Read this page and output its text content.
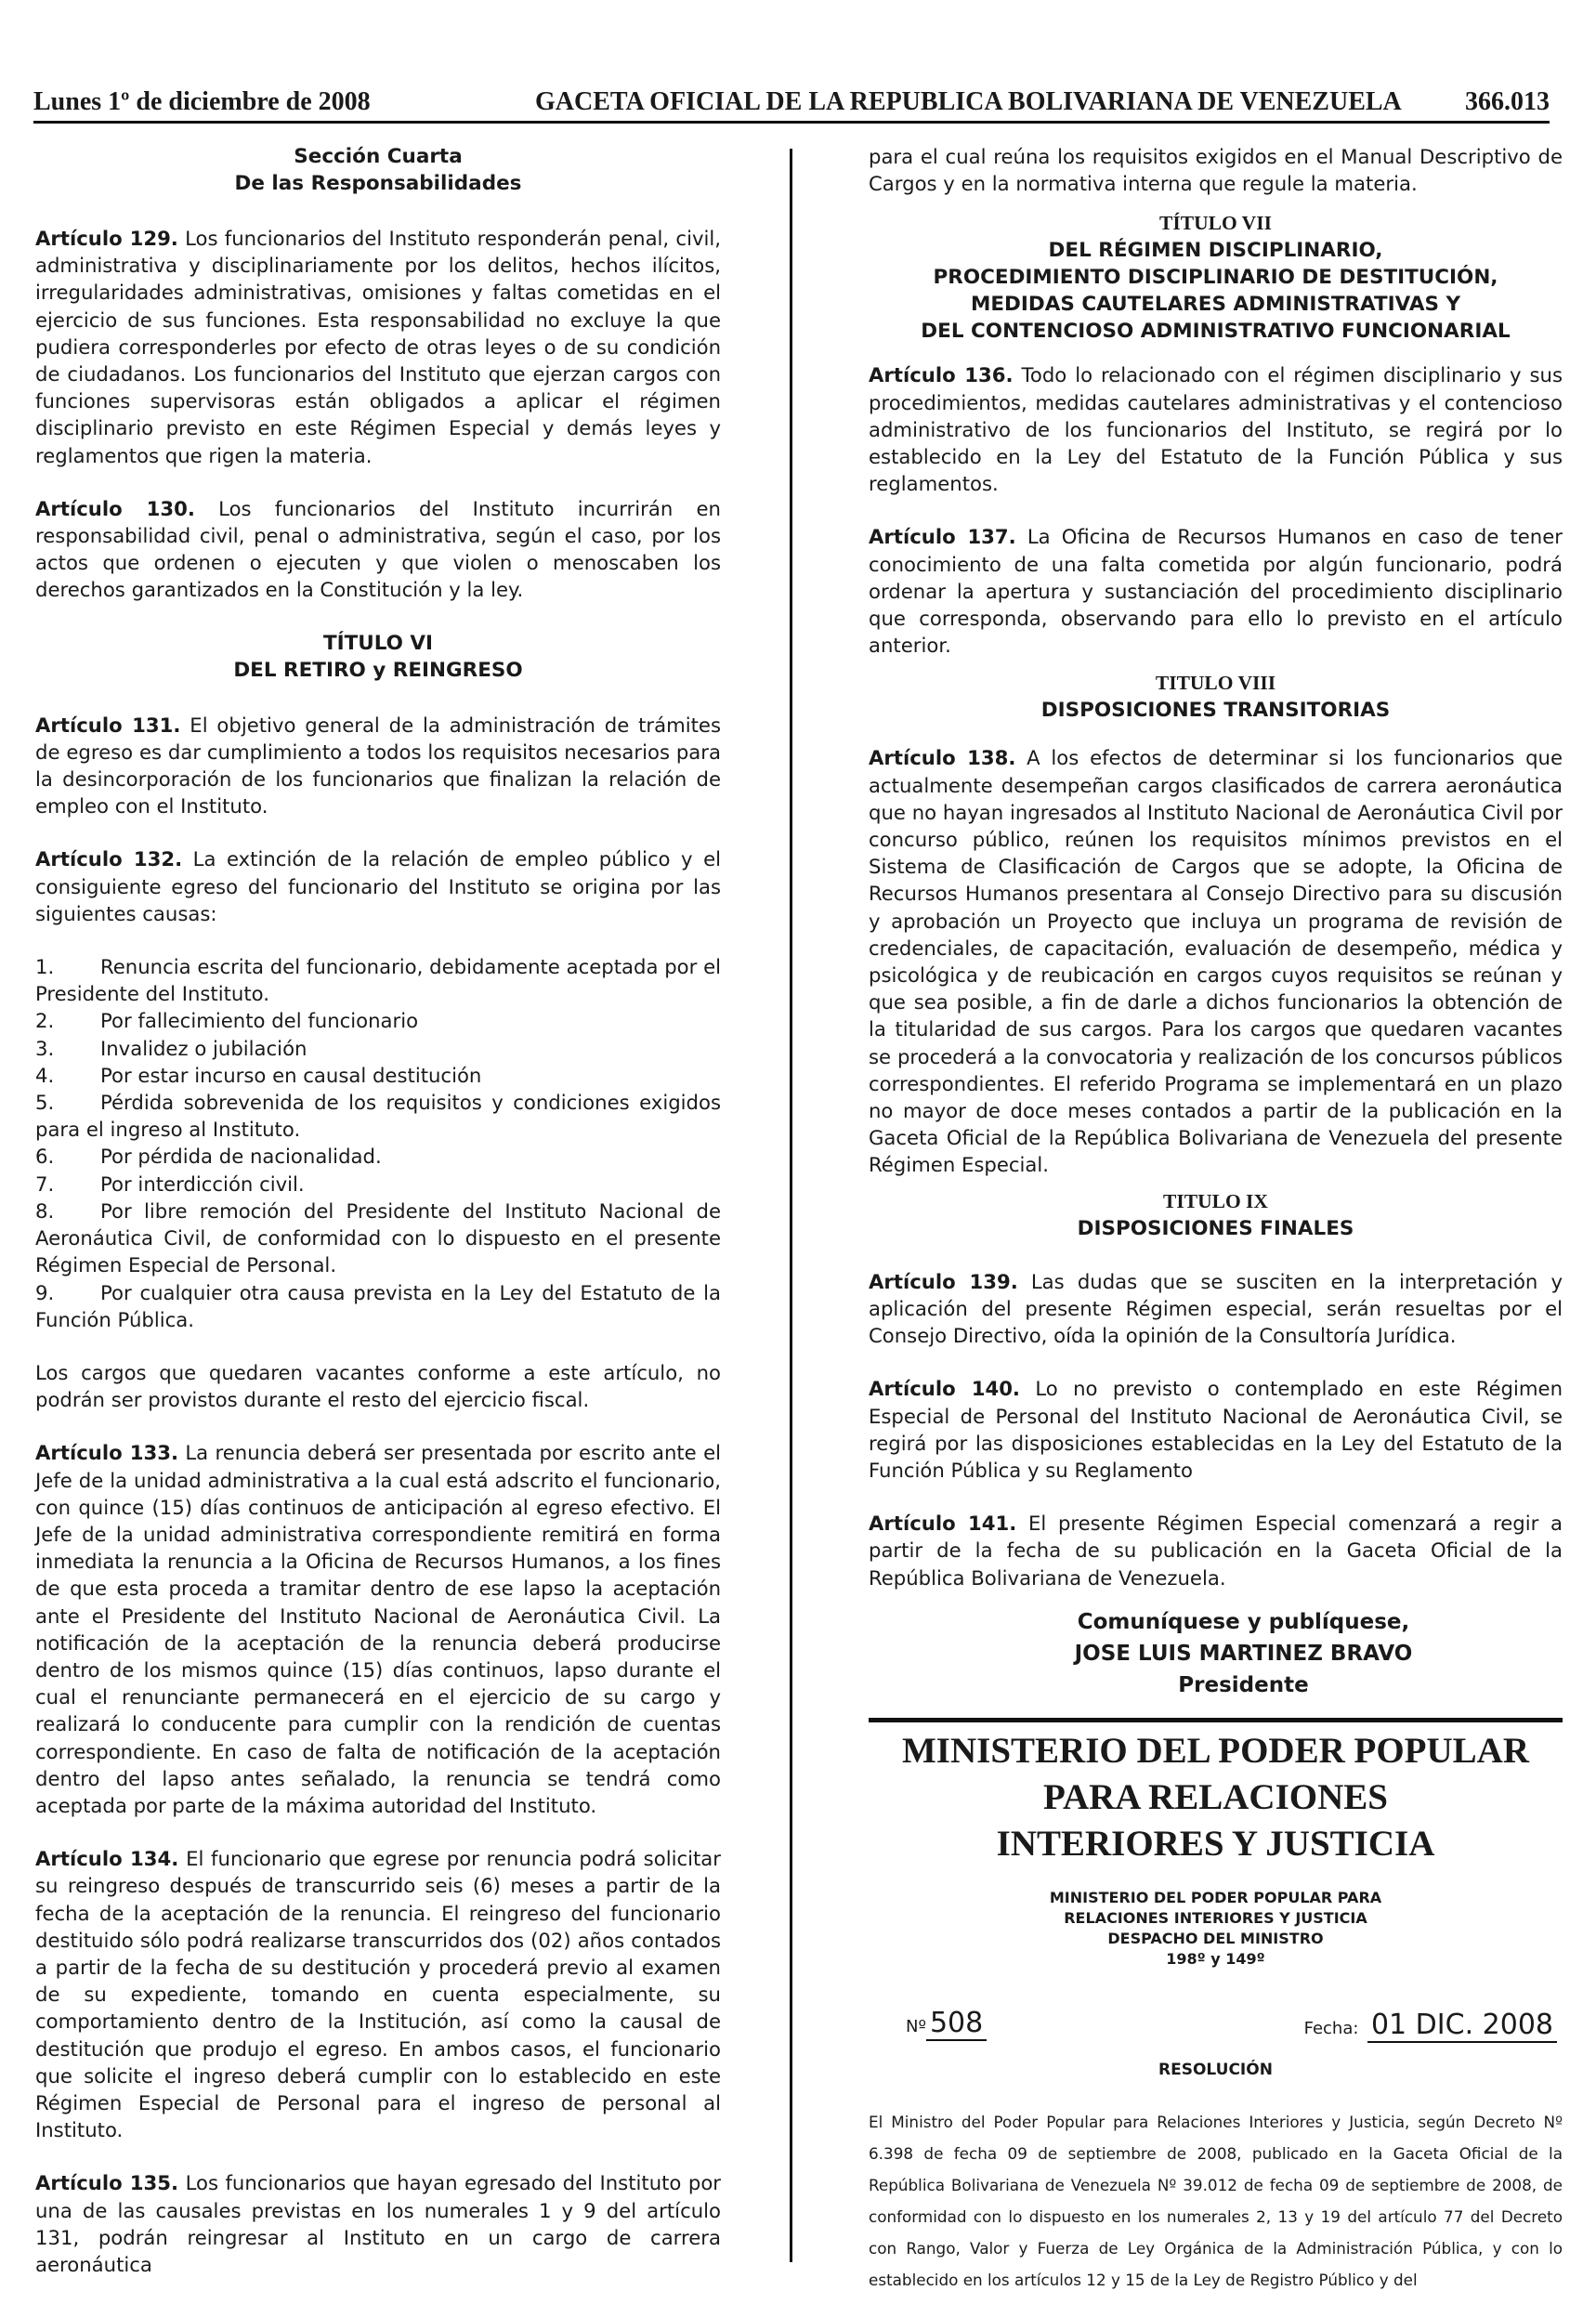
Lunes 1º de diciembre de 2008	GACETA OFICIAL DE LA REPUBLICA BOLIVARIANA DE VENEZUELA 366.013
Sección Cuarta
De las Responsabilidades

Artículo 129. Los funcionarios del Instituto responderán penal, civil, administrativa y disciplinariamente por los delitos, hechos ilícitos, irregularidades administrativas, omisiones y faltas cometidas en el ejercicio de sus funciones. Esta responsabilidad no excluye la que pudiera corresponderles por efecto de otras leyes o de su condición de ciudadanos. Los funcionarios del Instituto que ejerzan cargos con funciones supervisoras están obligados a aplicar el régimen disciplinario previsto en este Régimen Especial y demás leyes y reglamentos que rigen la materia.

Artículo 130. Los funcionarios del Instituto incurrirán en responsabilidad civil, penal o administrativa, según el caso, por los actos que ordenen o ejecuten y que violen o menoscaben los derechos garantizados en la Constitución y la ley.

TÍTULO VI
DEL RETIRO y REINGRESO

Artículo 131. El objetivo general de la administración de trámites de egreso es dar cumplimiento a todos los requisitos necesarios para la desincorporación de los funcionarios que finalizan la relación de empleo con el Instituto.

Artículo 132. La extinción de la relación de empleo público y el consiguiente egreso del funcionario del Instituto se origina por las siguientes causas:

1. Renuncia escrita del funcionario, debidamente aceptada por el Presidente del Instituto.
2. Por fallecimiento del funcionario
3. Invalidez o jubilación
4. Por estar incurso en causal destitución
5. Pérdida sobrevenida de los requisitos y condiciones exigidos para el ingreso al Instituto.
6. Por pérdida de nacionalidad.
7. Por interdicción civil.
8. Por libre remoción del Presidente del Instituto Nacional de Aeronáutica Civil, de conformidad con lo dispuesto en el presente Régimen Especial de Personal.
9. Por cualquier otra causa prevista en la Ley del Estatuto de la Función Pública.

Los cargos que quedaren vacantes conforme a este artículo, no podrán ser provistos durante el resto del ejercicio fiscal.

Artículo 133. La renuncia deberá ser presentada por escrito ante el Jefe de la unidad administrativa a la cual está adscrito el funcionario, con quince (15) días continuos de anticipación al egreso efectivo. El Jefe de la unidad administrativa correspondiente remitirá en forma inmediata la renuncia a la Oficina de Recursos Humanos, a los fines de que esta proceda a tramitar dentro de ese lapso la aceptación ante el Presidente del Instituto Nacional de Aeronáutica Civil. La notificación de la aceptación de la renuncia deberá producirse dentro de los mismos quince (15) días continuos, lapso durante el cual el renunciante permanecerá en el ejercicio de su cargo y realizará lo conducente para cumplir con la rendición de cuentas correspondiente. En caso de falta de notificación de la aceptación dentro del lapso antes señalado, la renuncia se tendrá como aceptada por parte de la máxima autoridad del Instituto.

Artículo 134. El funcionario que egrese por renuncia podrá solicitar su reingreso después de transcurrido seis (6) meses a partir de la fecha de la aceptación de la renuncia. El reingreso del funcionario destituido sólo podrá realizarse transcurridos dos (02) años contados a partir de la fecha de su destitución y procederá previo al examen de su expediente, tomando en cuenta especialmente, su comportamiento dentro de la Institución, así como la causal de destitución que produjo el egreso. En ambos casos, el funcionario que solicite el ingreso deberá cumplir con lo establecido en este Régimen Especial de Personal para el ingreso de personal al Instituto.

Artículo 135. Los funcionarios que hayan egresado del Instituto por una de las causales previstas en los numerales 1 y 9 del artículo 131, podrán reingresar al Instituto en un cargo de carrera aeronáutica

para el cual reúna los requisitos exigidos en el Manual Descriptivo de Cargos y en la normativa interna que regule la materia.

TÍTULO VII
DEL RÉGIMEN DISCIPLINARIO,
PROCEDIMIENTO DISCIPLINARIO DE DESTITUCIÓN,
MEDIDAS CAUTELARES ADMINISTRATIVAS Y
DEL CONTENCIOSO ADMINISTRATIVO FUNCIONARIAL

Artículo 136. Todo lo relacionado con el régimen disciplinario y sus procedimientos, medidas cautelares administrativas y el contencioso administrativo de los funcionarios del Instituto, se regirá por lo establecido en la Ley del Estatuto de la Función Pública y sus reglamentos.

Artículo 137. La Oficina de Recursos Humanos en caso de tener conocimiento de una falta cometida por algún funcionario, podrá ordenar la apertura y sustanciación del procedimiento disciplinario que corresponda, observando para ello lo previsto en el artículo anterior.

TITULO VIII
DISPOSICIONES TRANSITORIAS

Artículo 138. A los efectos de determinar si los funcionarios que actualmente desempeñan cargos clasificados de carrera aeronáutica que no hayan ingresados al Instituto Nacional de Aeronáutica Civil por concurso público, reúnen los requisitos mínimos previstos en el Sistema de Clasificación de Cargos que se adopte, la Oficina de Recursos Humanos presentara al Consejo Directivo para su discusión y aprobación un Proyecto que incluya un programa de revisión de credenciales, de capacitación, evaluación de desempeño, médica y psicológica y de reubicación en cargos cuyos requisitos se reúnan y que sea posible, a fin de darle a dichos funcionarios la obtención de la titularidad de sus cargos. Para los cargos que quedaren vacantes se procederá a la convocatoria y realización de los concursos públicos correspondientes. El referido Programa se implementará en un plazo no mayor de doce meses contados a partir de la publicación en la Gaceta Oficial de la República Bolivariana de Venezuela del presente Régimen Especial.

TITULO IX
DISPOSICIONES FINALES

Artículo 139. Las dudas que se susciten en la interpretación y aplicación del presente Régimen especial, serán resueltas por el Consejo Directivo, oída la opinión de la Consultoría Jurídica.

Artículo 140. Lo no previsto o contemplado en este Régimen Especial de Personal del Instituto Nacional de Aeronáutica Civil, se regirá por las disposiciones establecidas en la Ley del Estatuto de la Función Pública y su Reglamento

Artículo 141. El presente Régimen Especial comenzará a regir a partir de la fecha de su publicación en la Gaceta Oficial de la República Bolivariana de Venezuela.

Comuníquese y publíquese,
JOSE LUIS MARTINEZ BRAVO
Presidente
MINISTERIO DEL PODER POPULAR
PARA RELACIONES
INTERIORES Y JUSTICIA
MINISTERIO DEL PODER POPULAR PARA
RELACIONES INTERIORES Y JUSTICIA
DESPACHO DEL MINISTRO
198º y 149º
Nº 508	Fecha: 01 DIC. 2008
RESOLUCIÓN

El Ministro del Poder Popular para Relaciones Interiores y Justicia, según Decreto Nº 6.398 de fecha 09 de septiembre de 2008, publicado en la Gaceta Oficial de la República Bolivariana de Venezuela Nº 39.012 de fecha 09 de septiembre de 2008, de conformidad con lo dispuesto en los numerales 2, 13 y 19 del artículo 77 del Decreto con Rango, Valor y Fuerza de Ley Orgánica de la Administración Pública, y con lo establecido en los artículos 12 y 15 de la Ley de Registro Público y del
